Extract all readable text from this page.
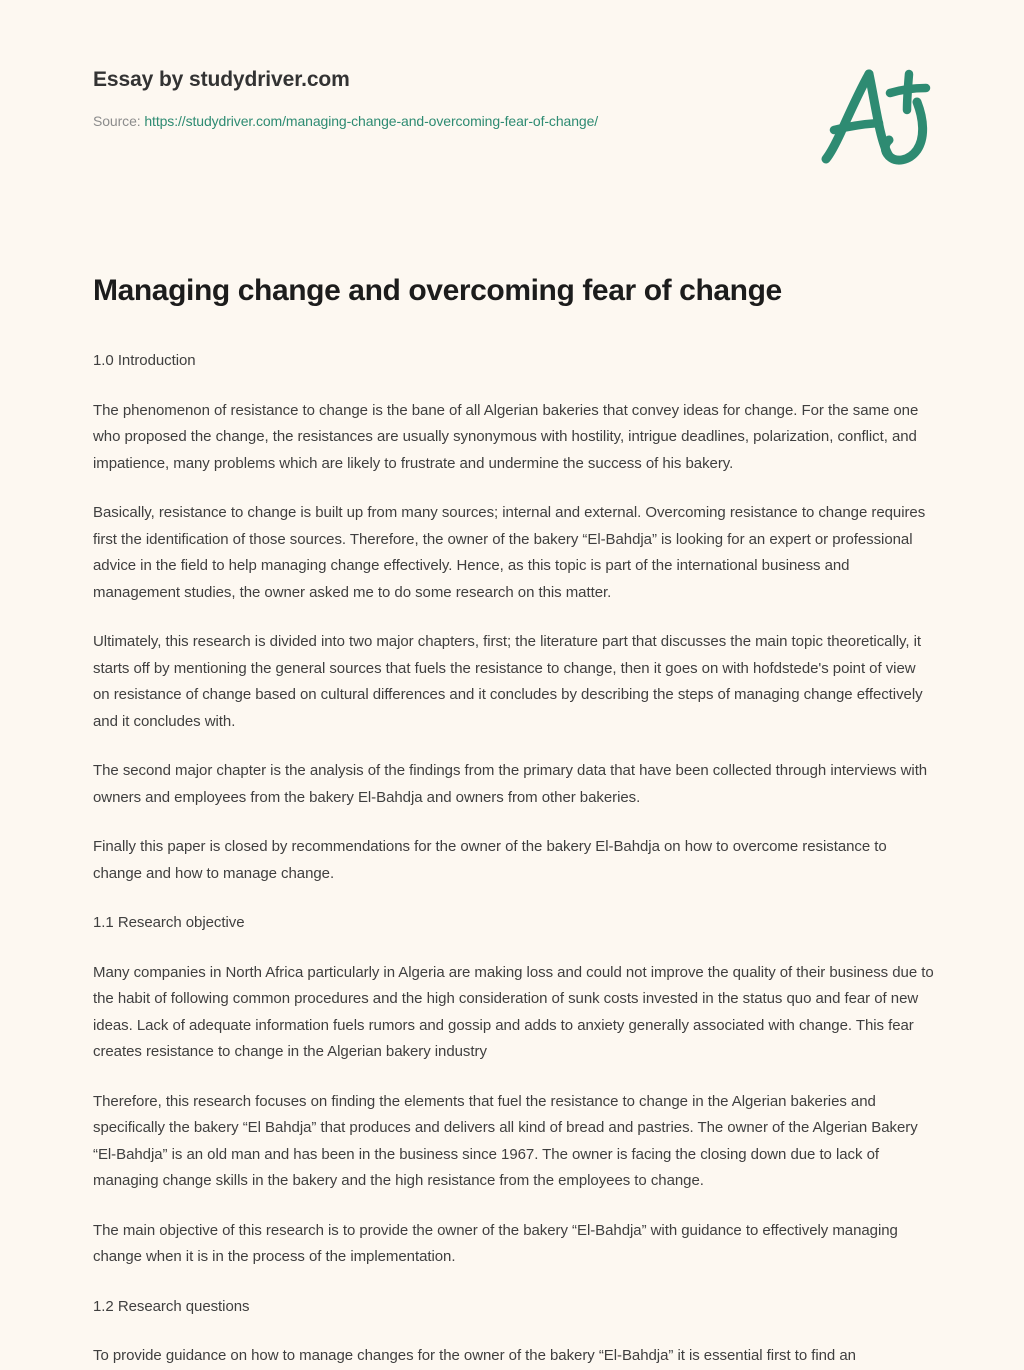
Essay by studydriver.com
Source: https://studydriver.com/managing-change-and-overcoming-fear-of-change/
Managing change and overcoming fear of change

1.0 Introduction

The phenomenon of resistance to change is the bane of all Algerian bakeries that convey ideas for change. For the same one who proposed the change, the resistances are usually synonymous with hostility, intrigue deadlines, polarization, conflict, and impatience, many problems which are likely to frustrate and undermine the success of his bakery.

Basically, resistance to change is built up from many sources; internal and external. Overcoming resistance to change requires first the identification of those sources. Therefore, the owner of the bakery “El-Bahdja” is looking for an expert or professional advice in the field to help managing change effectively. Hence, as this topic is part of the international business and management studies, the owner asked me to do some research on this matter.

Ultimately, this research is divided into two major chapters, first; the literature part that discusses the main topic theoretically, it starts off by mentioning the general sources that fuels the resistance to change, then it goes on with hofdstede's point of view on resistance of change based on cultural differences and it concludes by describing the steps of managing change effectively and it concludes with.

The second major chapter is the analysis of the findings from the primary data that have been collected through interviews with owners and employees from the bakery El-Bahdja and owners from other bakeries.

Finally this paper is closed by recommendations for the owner of the bakery El-Bahdja on how to overcome resistance to change and how to manage change.

1.1 Research objective

Many companies in North Africa particularly in Algeria are making loss and could not improve the quality of their business due to the habit of following common procedures and the high consideration of sunk costs invested in the status quo and fear of new ideas. Lack of adequate information fuels rumors and gossip and adds to anxiety generally associated with change. This fear creates resistance to change in the Algerian bakery industry

Therefore, this research focuses on finding the elements that fuel the resistance to change in the Algerian bakeries and specifically the bakery “El Bahdja” that produces and delivers all kind of bread and pastries. The owner of the Algerian Bakery “El-Bahdja” is an old man and has been in the business since 1967. The owner is facing the closing down due to lack of managing change skills in the bakery and the high resistance from the employees to change.

The main objective of this research is to provide the owner of the bakery “El-Bahdja” with guidance to effectively managing change when it is in the process of the implementation.

1.2 Research questions

To provide guidance on how to manage changes for the owner of the bakery “El-Bahdja” it is essential first to find an
